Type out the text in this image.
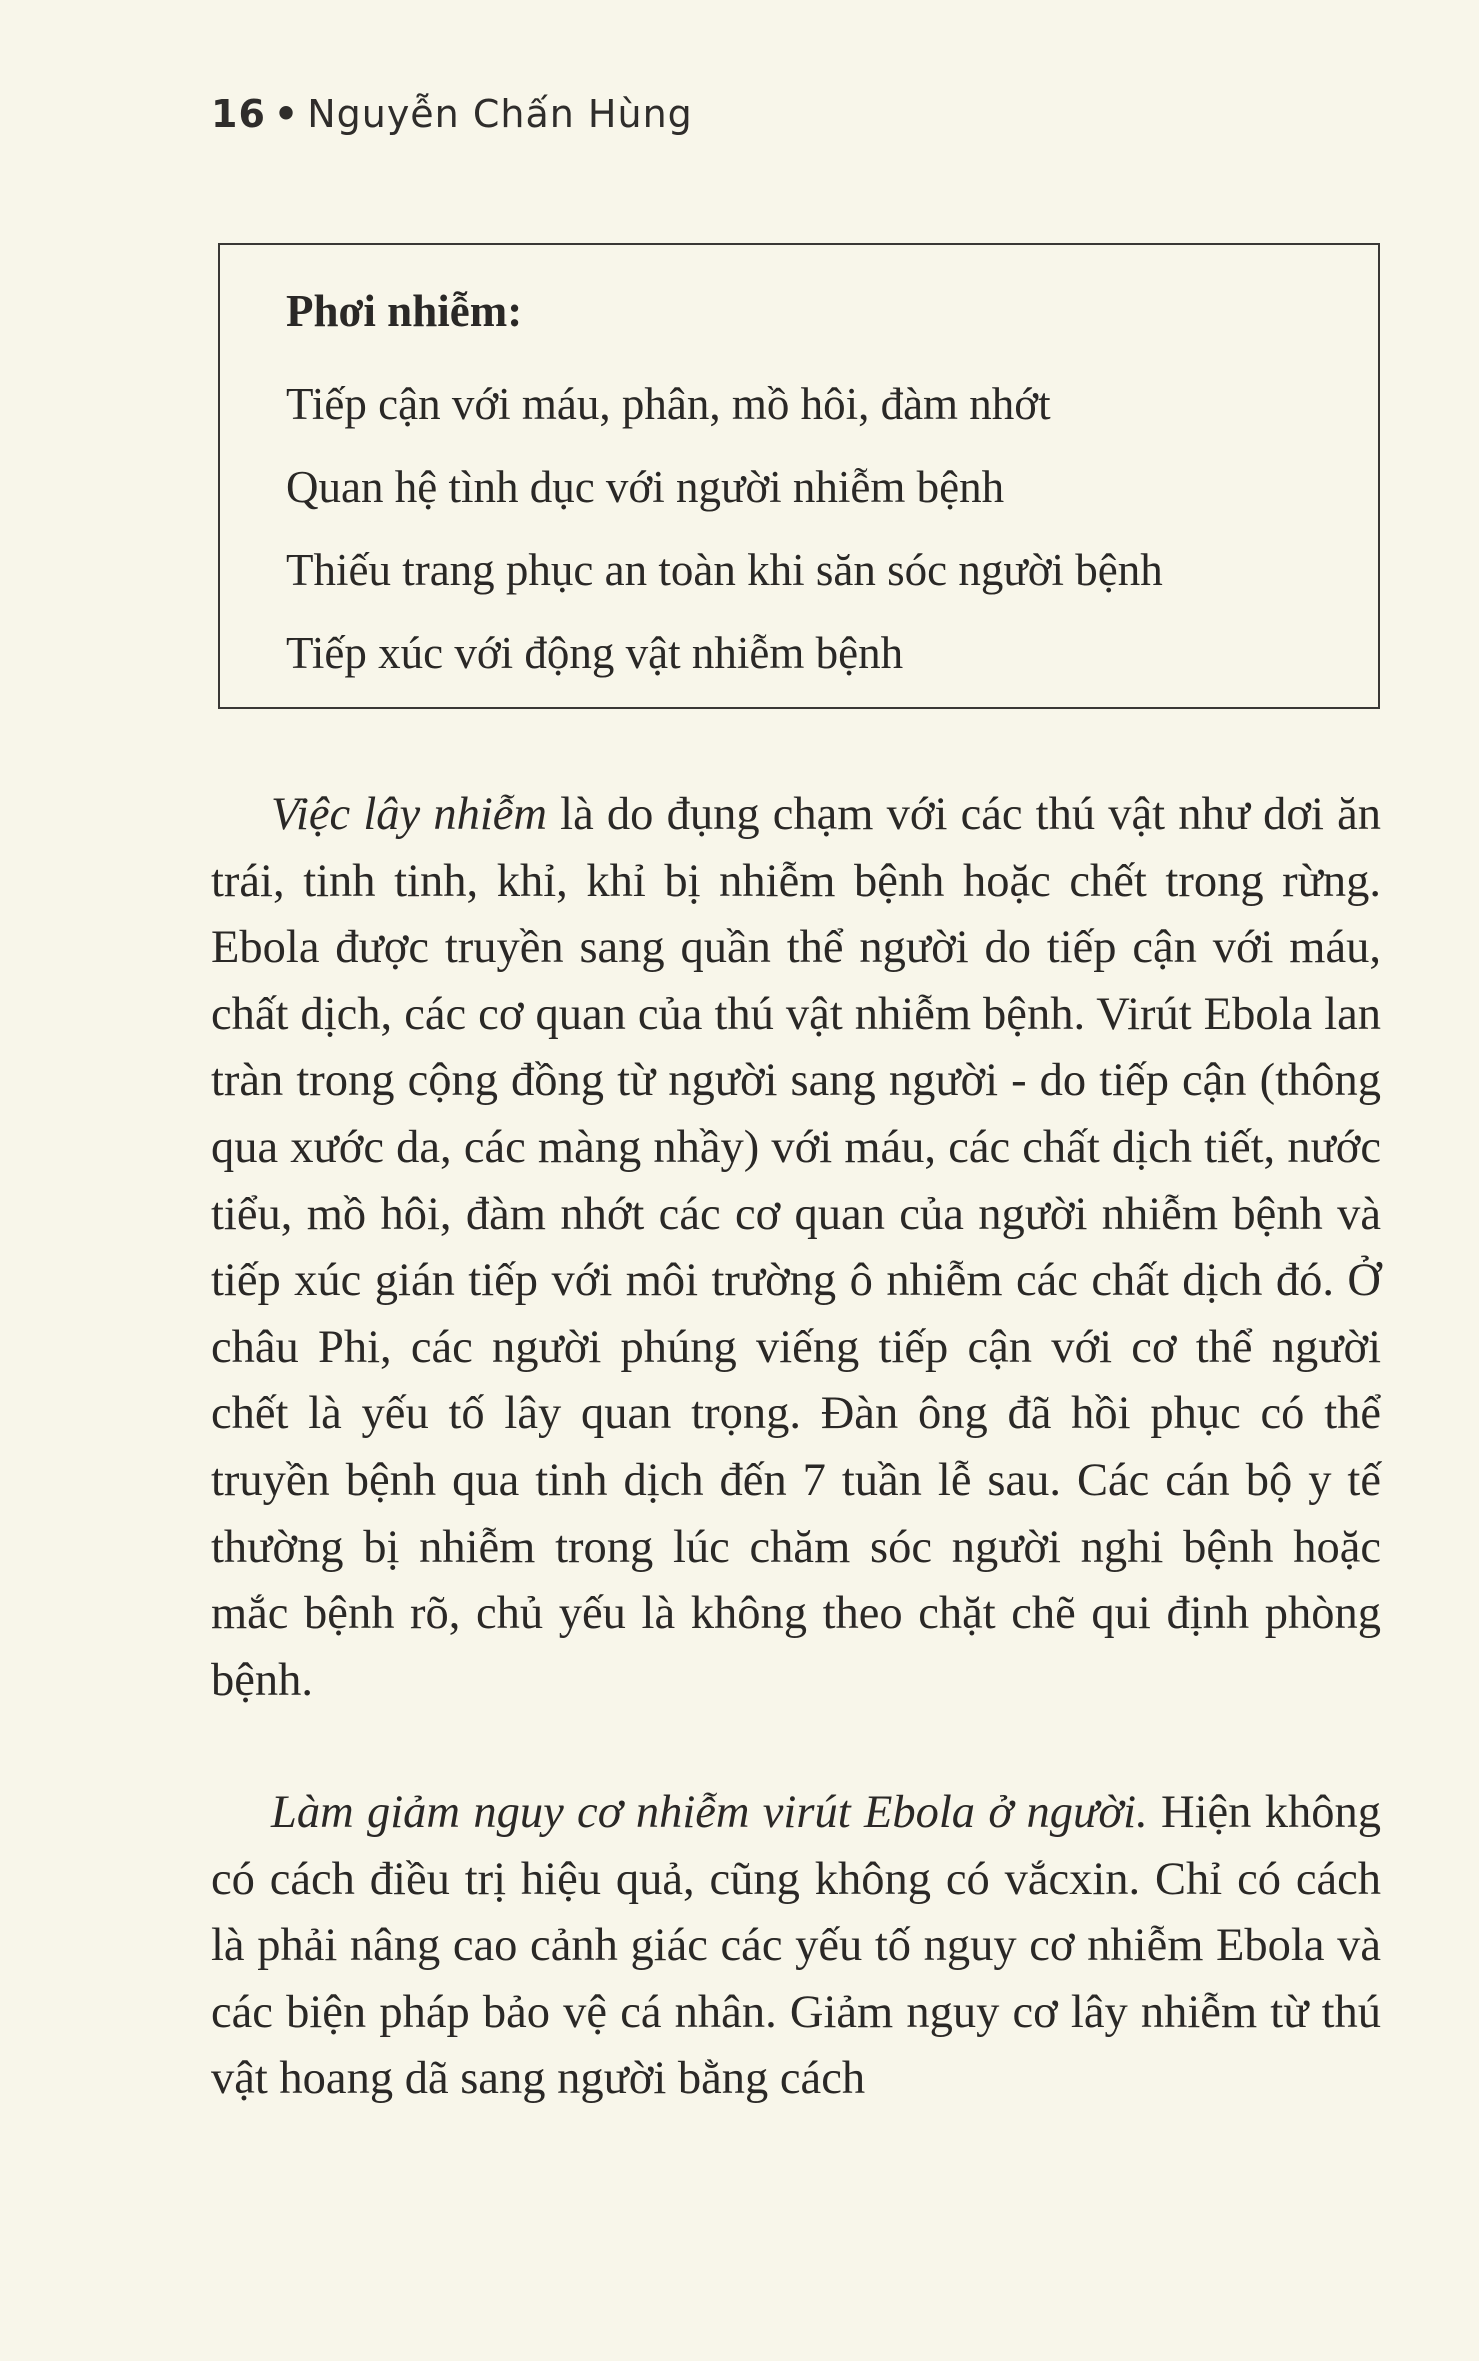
16 • Nguyễn Chấn Hùng
Phơi nhiễm:
Tiếp cận với máu, phân, mồ hôi, đàm nhớt
Quan hệ tình dục với người nhiễm bệnh
Thiếu trang phục an toàn khi săn sóc người bệnh
Tiếp xúc với động vật nhiễm bệnh

Việc lây nhiễm là do đụng chạm với các thú vật như dơi ăn trái, tinh tinh, khỉ, khỉ bị nhiễm bệnh hoặc chết trong rừng. Ebola được truyền sang quần thể người do tiếp cận với máu, chất dịch, các cơ quan của thú vật nhiễm bệnh. Virút Ebola lan tràn trong cộng đồng từ người sang người - do tiếp cận (thông qua xước da, các màng nhầy) với máu, các chất dịch tiết, nước tiểu, mồ hôi, đàm nhớt các cơ quan của người nhiễm bệnh và tiếp xúc gián tiếp với môi trường ô nhiễm các chất dịch đó. Ở châu Phi, các người phúng viếng tiếp cận với cơ thể người chết là yếu tố lây quan trọng. Đàn ông đã hồi phục có thể truyền bệnh qua tinh dịch đến 7 tuần lễ sau. Các cán bộ y tế thường bị nhiễm trong lúc chăm sóc người nghi bệnh hoặc mắc bệnh rõ, chủ yếu là không theo chặt chẽ qui định phòng bệnh.

Làm giảm nguy cơ nhiễm virút Ebola ở người. Hiện không có cách điều trị hiệu quả, cũng không có vắcxin. Chỉ có cách là phải nâng cao cảnh giác các yếu tố nguy cơ nhiễm Ebola và các biện pháp bảo vệ cá nhân. Giảm nguy cơ lây nhiễm từ thú vật hoang dã sang người bằng cách
